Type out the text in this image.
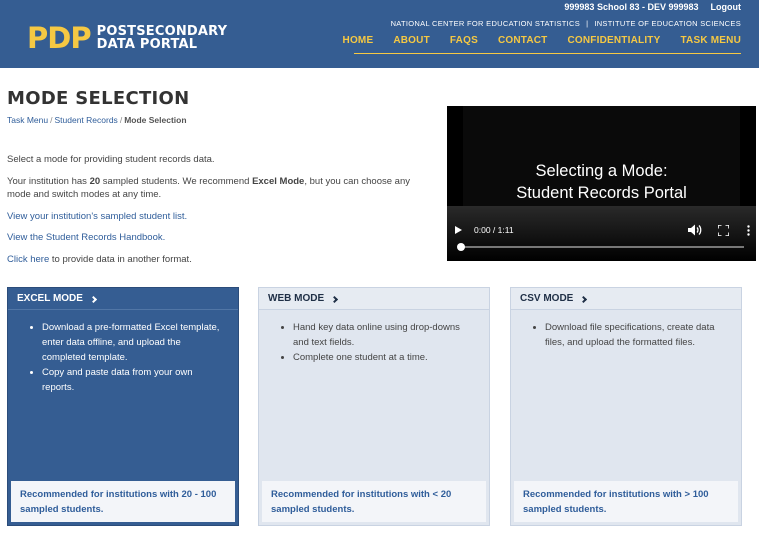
PDP POSTSECONDARY
DATA PORTAL
999983 School 83 - DEV 999983 Logout
NATIONAL CENTER FOR EDUCATION STATISTICS | INSTITUTE OF EDUCATION SCIENCES
HOME ABOUT FAQS CONTACT CONFIDENTIALITY TASK MENU
MODE SELECTION
Task Menu / Student Records / Mode Selection

Select a mode for providing student records data.

Your institution has 20 sampled students. We recommend Excel Mode, but you can choose any mode and switch modes at any time.

View your institution's sampled student list.

View the Student Records Handbook.

Click here to provide data in another format.

Selecting a Mode:
Student Records Portal
0:00 / 1:11
EXCEL MODE
• Download a pre-formatted Excel template, enter data offline, and upload the completed template.
• Copy and paste data from your own reports.
Recommended for institutions with 20 - 100 sampled students.
WEB MODE
• Hand key data online using drop-downs and text fields.
• Complete one student at a time.
Recommended for institutions with < 20 sampled students.
CSV MODE
• Download file specifications, create data files, and upload the formatted files.
Recommended for institutions with > 100 sampled students.
